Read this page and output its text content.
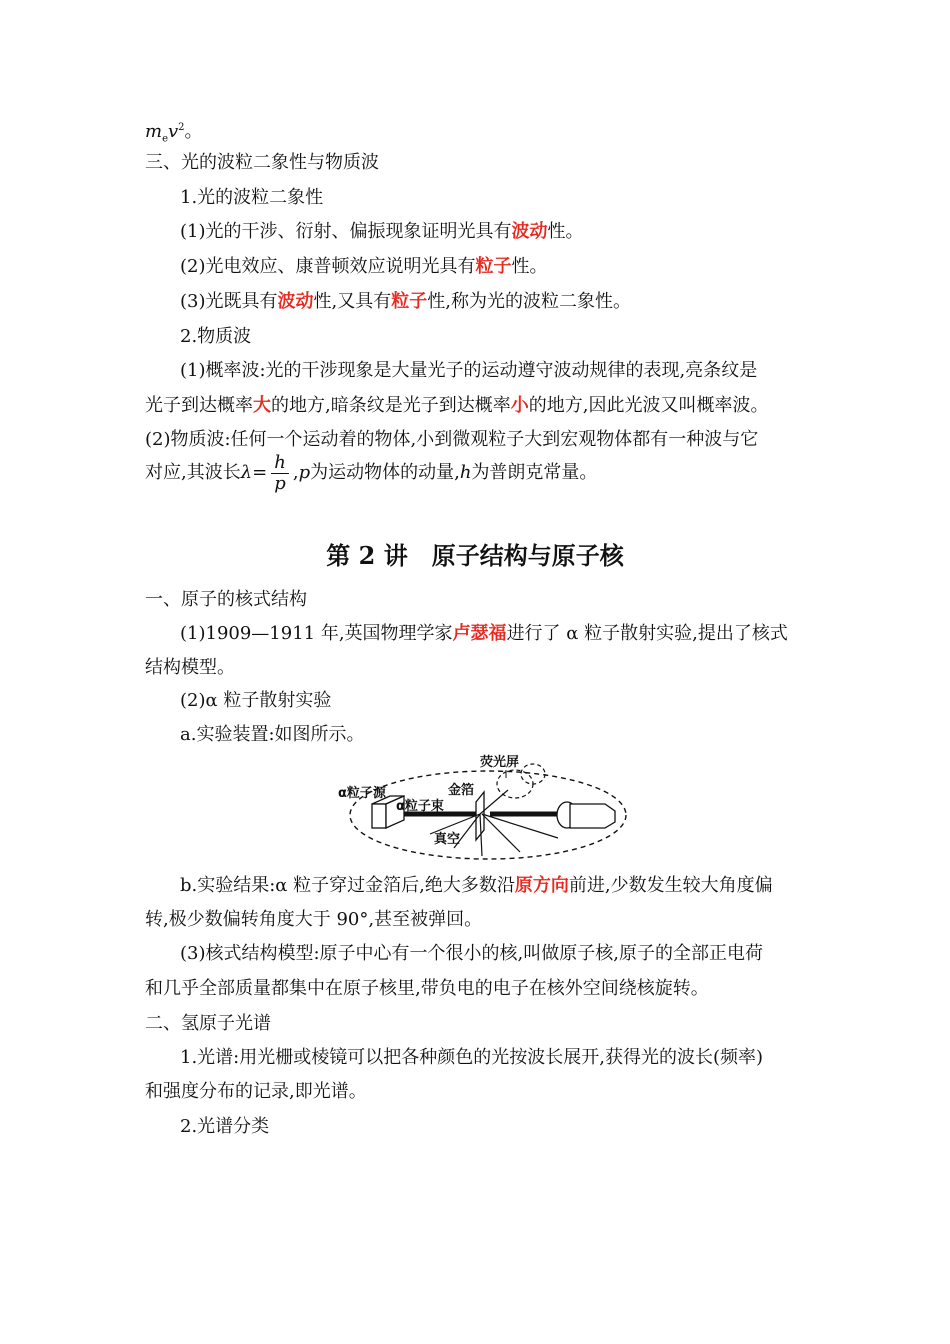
$m_ev^2$。
三、光的波粒二象性与物质波
1.光的波粒二象性
(1)光的干涉、衍射、偏振现象证明光具有波动性。
(2)光电效应、康普顿效应说明光具有粒子性。
(3)光既具有波动性,又具有粒子性,称为光的波粒二象性。
2.物质波
(1)概率波:光的干涉现象是大量光子的运动遵守波动规律的表现,亮条纹是
光子到达概率大的地方,暗条纹是光子到达概率小的地方,因此光波又叫概率波。
(2)物质波:任何一个运动着的物体,小到微观粒子大到宏观物体都有一种波与它
对应,其波长$\lambda= \frac{h}{p} ,p$为运动物体的动量,h为普朗克常量。
第 2 讲　原子结构与原子核
一、原子的核式结构
(1)1909—1911 年,英国物理学家卢瑟福进行了 α 粒子散射实验,提出了核式
结构模型。
(2)α 粒子散射实验
a.实验装置:如图所示。
荧光屏
α粒子源	金箔
α粒子束
真空
b.实验结果:α 粒子穿过金箔后,绝大多数沿原方向前进,少数发生较大角度偏
转,极少数偏转角度大于 90°,甚至被弹回。
(3)核式结构模型:原子中心有一个很小的核,叫做原子核,原子的全部正电荷
和几乎全部质量都集中在原子核里,带负电的电子在核外空间绕核旋转。
二、氢原子光谱
1.光谱:用光栅或棱镜可以把各种颜色的光按波长展开,获得光的波长(频率)
和强度分布的记录,即光谱。
2.光谱分类
